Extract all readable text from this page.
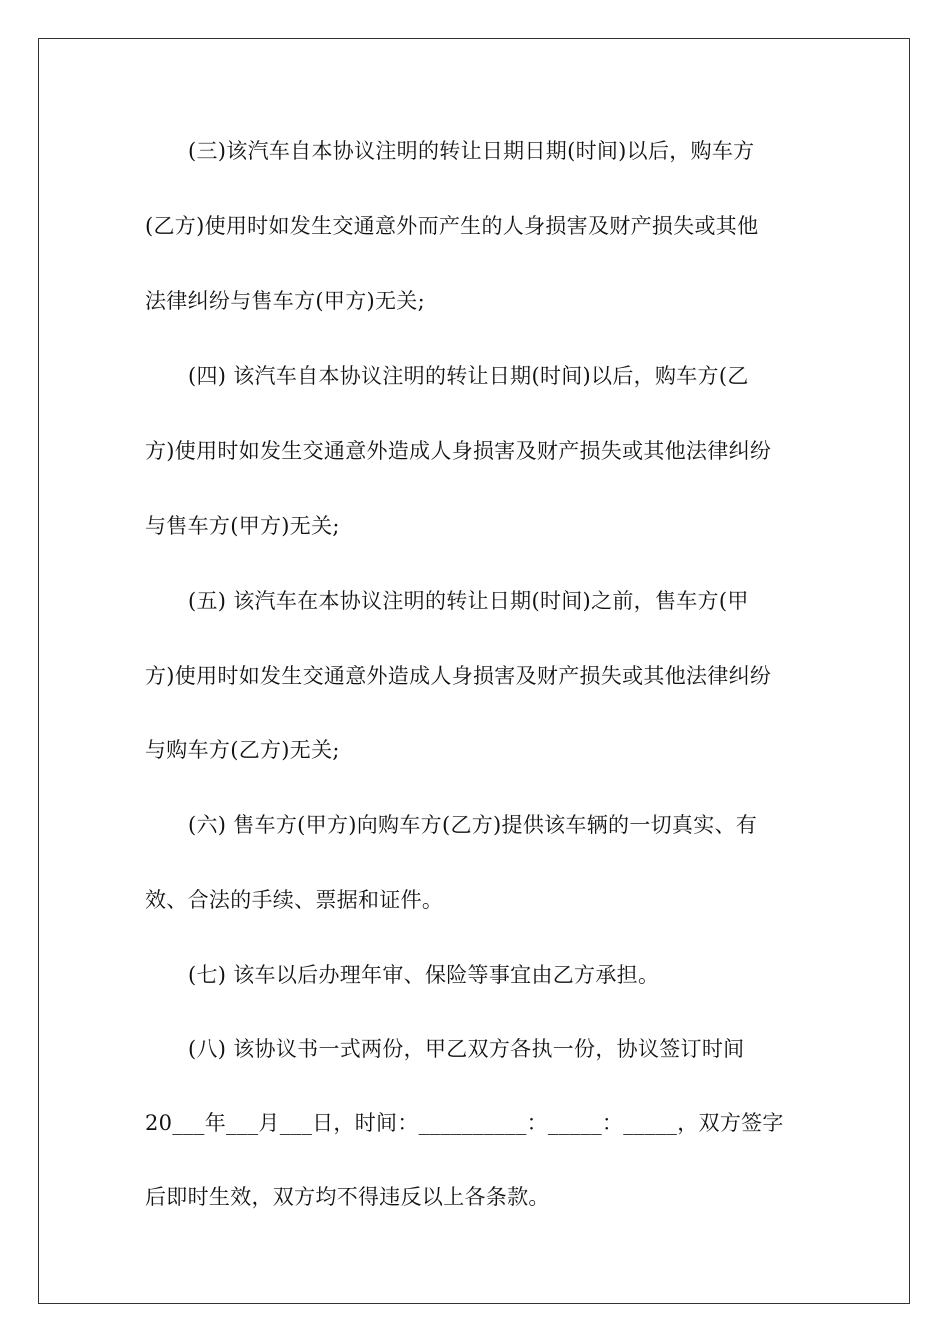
(三)该汽车自本协议注明的转让日期日期(时间)以后，购车方
(乙方)使用时如发生交通意外而产生的人身损害及财产损失或其他
法律纠纷与售车方(甲方)无关;
(四) 该汽车自本协议注明的转让日期(时间)以后，购车方(乙
方)使用时如发生交通意外造成人身损害及财产损失或其他法律纠纷
与售车方(甲方)无关;
(五) 该汽车在本协议注明的转让日期(时间)之前，售车方(甲
方)使用时如发生交通意外造成人身损害及财产损失或其他法律纠纷
与购车方(乙方)无关;
(六) 售车方(甲方)向购车方(乙方)提供该车辆的一切真实、有
效、合法的手续、票据和证件。
(七) 该车以后办理年审、保险等事宜由乙方承担。
(八) 该协议书一式两份，甲乙双方各执一份，协议签订时间
20___年___月___日，时间：__________：_____：_____，双方签字
后即时生效，双方均不得违反以上各条款。
